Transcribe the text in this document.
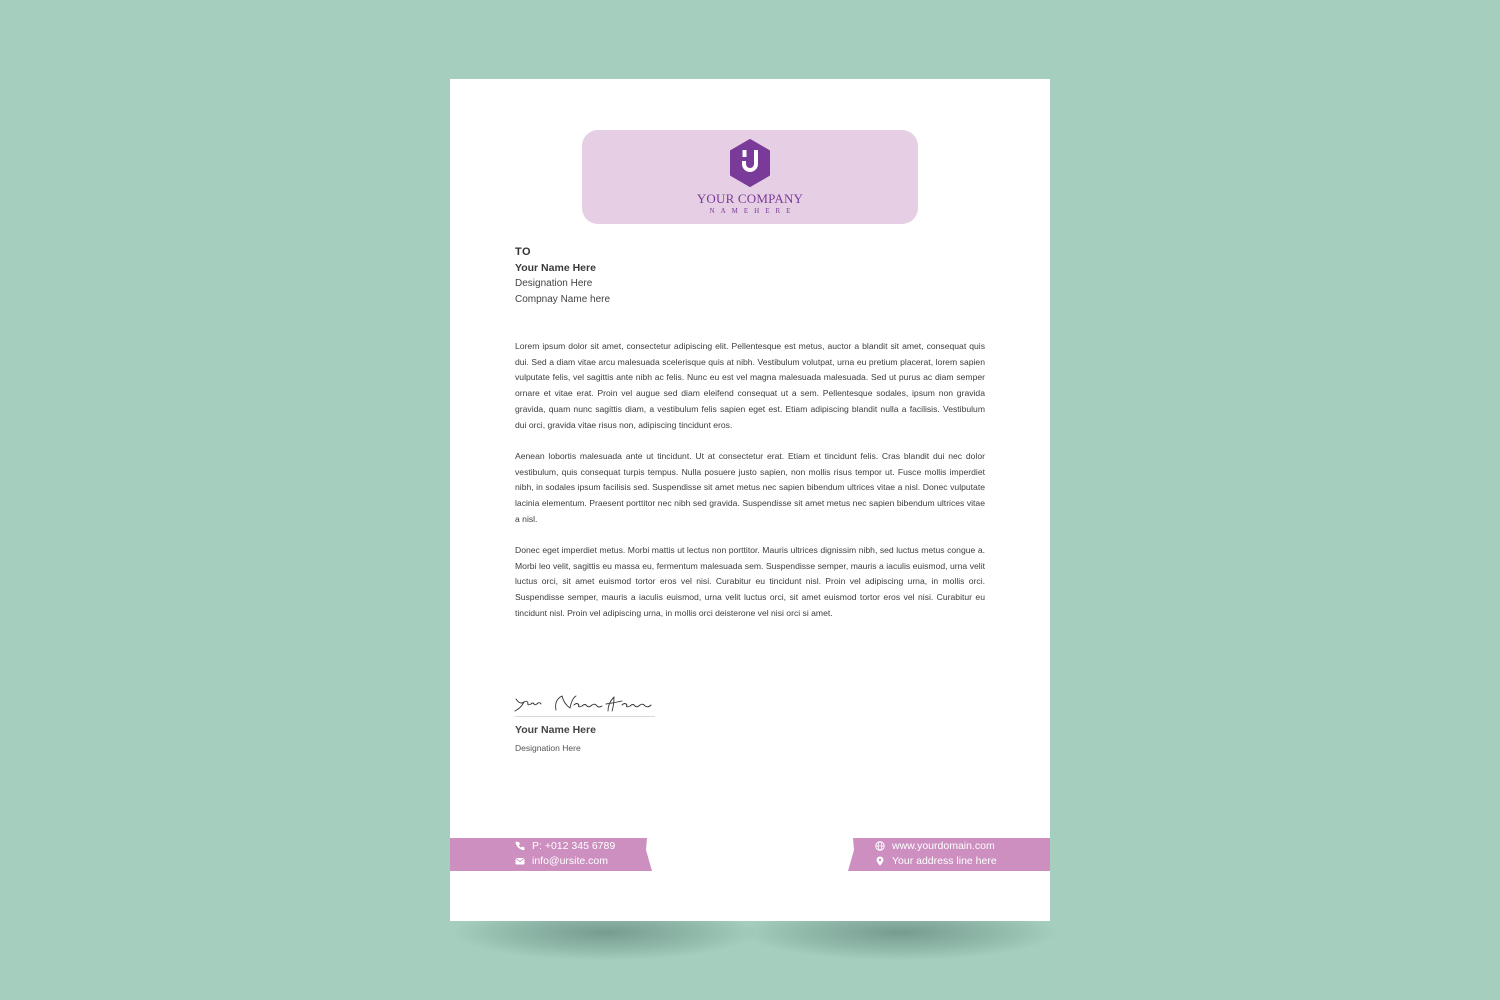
YOUR COMPANY
NAMEHERE
TO
Your Name Here
Designation Here
Compnay Name here

Lorem ipsum dolor sit amet, consectetur adipiscing elit. Pellentesque est metus, auctor a blandit sit amet, consequat quis dui. Sed a diam vitae arcu malesuada scelerisque quis at nibh. Vestibulum volutpat, urna eu pretium placerat, lorem sapien vulputate felis, vel sagittis ante nibh ac felis. Nunc eu est vel magna malesuada malesuada. Sed ut purus ac diam semper ornare et vitae erat. Proin vel augue sed diam eleifend consequat ut a sem. Pellentesque sodales, ipsum non gravida gravida, quam nunc sagittis diam, a vestibulum felis sapien eget est. Etiam adipiscing blandit nulla a facilisis. Vestibulum dui orci, gravida vitae risus non, adipiscing tincidunt eros.

Aenean lobortis malesuada ante ut tincidunt. Ut at consectetur erat. Etiam et tincidunt felis. Cras blandit dui nec dolor vestibulum, quis consequat turpis tempus. Nulla posuere justo sapien, non mollis risus tempor ut. Fusce mollis imperdiet nibh, in sodales ipsum facilisis sed. Suspendisse sit amet metus nec sapien bibendum ultrices vitae a nisl. Donec vulputate lacinia elementum. Praesent porttitor nec nibh sed gravida. Suspendisse sit amet metus nec sapien bibendum ultrices vitae a nisl.

Donec eget imperdiet metus. Morbi mattis ut lectus non porttitor. Mauris ultrices dignissim nibh, sed luctus metus congue a. Morbi leo velit, sagittis eu massa eu, fermentum malesuada sem. Suspendisse semper, mauris a iaculis euismod, urna velit luctus orci, sit amet euismod tortor eros vel nisi. Curabitur eu tincidunt nisl. Proin vel adipiscing urna, in mollis orci. Suspendisse semper, mauris a iaculis euismod, urna velit luctus orci, sit amet euismod tortor eros vel nisi. Curabitur eu tincidunt nisl. Proin vel adipiscing urna, in mollis orci deisterone vel nisi orci si amet.

Your Name Here
Designation Here
P: +012 345 6789
info@ursite.com
www.yourdomain.com
Your address line here
